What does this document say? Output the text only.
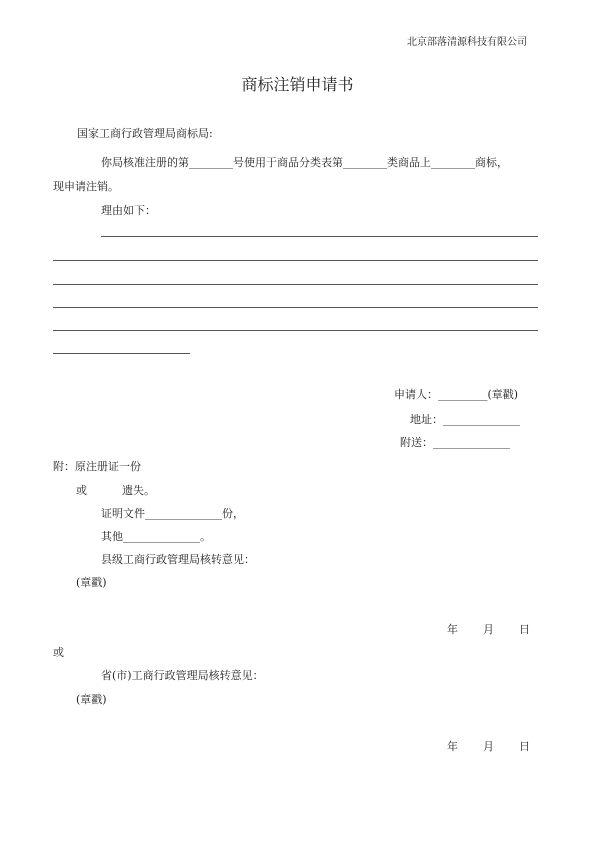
北京部落清源科技有限公司
商标注销申请书
国家工商行政管理局商标局:
你局核准注册的第________号使用于商品分类表第________类商品上________商标，
现申请注销。
理由如下：
申请人：_________(章戳)
地址：______________
附送：______________
附：原注册证一份
或	遗失。
证明文件______________份，
其他______________。
县级工商行政管理局核转意见：
(章戳)
年 月 日
或
省(市)工商行政管理局核转意见：
(章戳)
年 月 日
